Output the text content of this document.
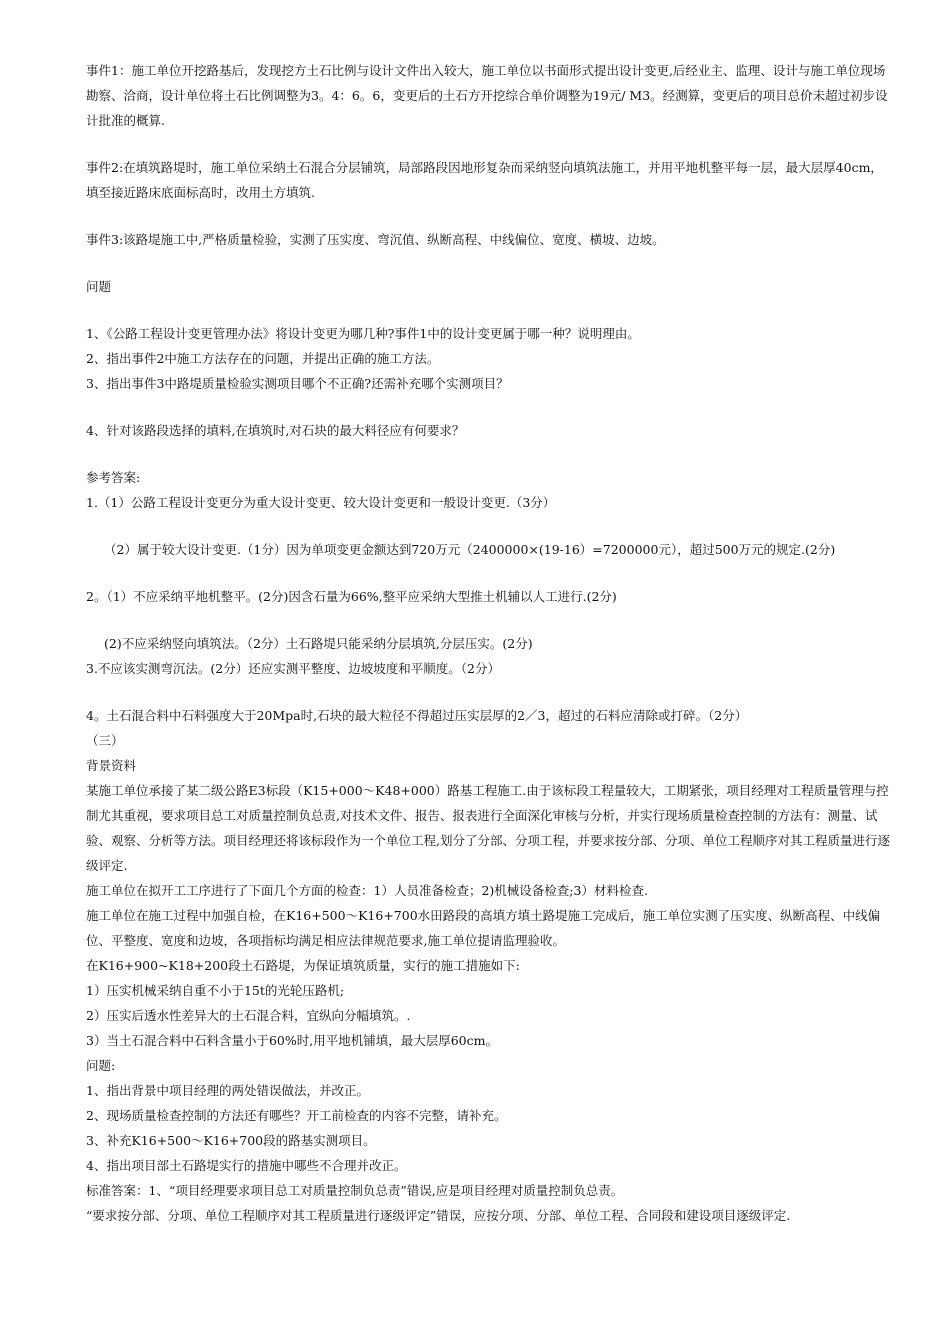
事件1：施工单位开挖路基后，发现挖方土石比例与设计文件出入较大，施工单位以书面形式提出设计变更,后经业主、监理、设计与施工单位现场勘察、洽商，设计单位将土石比例调整为3。4：6。6，变更后的土石方开挖综合单价调整为19元/ M3。经测算，变更后的项目总价未超过初步设计批准的概算.

事件2:在填筑路堤时，施工单位采纳土石混合分层铺筑，局部路段因地形复杂而采纳竖向填筑法施工，并用平地机整平每一层，最大层厚40cm，填至接近路床底面标高时，改用土方填筑.

事件3:该路堤施工中,严格质量检验，实测了压实度、弯沉值、纵断高程、中线偏位、宽度、横坡、边坡。

问题

1、《公路工程设计变更管理办法》将设计变更为哪几种?事件1中的设计变更属于哪一种？说明理由。

2、指出事件2中施工方法存在的问题，并提出正确的施工方法。

3、指出事件3中路堤质量检验实测项目哪个不正确?还需补充哪个实测项目？

4、针对该路段选择的填料,在填筑时,对石块的最大料径应有何要求？

参考答案:

1.（1）公路工程设计变更分为重大设计变更、较大设计变更和一般设计变更.（3分）

（2）属于较大设计变更.（1分）因为单项变更金额达到720万元（2400000×(19-16）=7200000元），超过500万元的规定.(2分)

2。（1）不应采纳平地机整平。(2分)因含石量为66%,整平应采纳大型推土机辅以人工进行.(2分)

(2)不应采纳竖向填筑法。（2分）土石路堤只能采纳分层填筑,分层压实。(2分)

3.不应该实测弯沉法。(2分）还应实测平整度、边坡坡度和平顺度。（2分）

4。土石混合料中石料强度大于20Mpa时,石块的最大粒径不得超过压实层厚的2／3，超过的石料应清除或打碎。（2分）

（三）

背景资料

某施工单位承接了某二级公路E3标段（K15+000～K48+000）路基工程施工.由于该标段工程量较大，工期紧张，项目经理对工程质量管理与控制尤其重视，要求项目总工对质量控制负总责,对技术文件、报告、报表进行全面深化审核与分析，并实行现场质量检查控制的方法有：测量、试验、观察、分析等方法。项目经理还将该标段作为一个单位工程,划分了分部、分项工程，并要求按分部、分项、单位工程顺序对其工程质量进行逐级评定.

施工单位在拟开工工序进行了下面几个方面的检查：1）人员准备检查；2)机械设备检查;3）材料检查.

施工单位在施工过程中加强自检，在K16+500～K16+700水田路段的高填方填土路堤施工完成后，施工单位实测了压实度、纵断高程、中线偏位、平整度、宽度和边坡，各项指标均满足相应法律规范要求,施工单位提请监理验收。

在K16+900~K18+200段土石路堤，为保证填筑质量，实行的施工措施如下:

1）压实机械采纳自重不小于15t的光轮压路机;

2）压实后透水性差异大的土石混合料，宜纵向分幅填筑。.

3）当土石混合料中石料含量小于60%时,用平地机铺填，最大层厚60cm。

问题:

1、指出背景中项目经理的两处错误做法，并改正。

2、现场质量检查控制的方法还有哪些？开工前检查的内容不完整，请补充。

3、补充K16+500～K16+700段的路基实测项目。

4、指出项目部土石路堤实行的措施中哪些不合理并改正。

标准答案：1、“项目经理要求项目总工对质量控制负总责”错误,应是项目经理对质量控制负总责。

“要求按分部、分项、单位工程顺序对其工程质量进行逐级评定”错误，应按分项、分部、单位工程、合同段和建设项目逐级评定.
